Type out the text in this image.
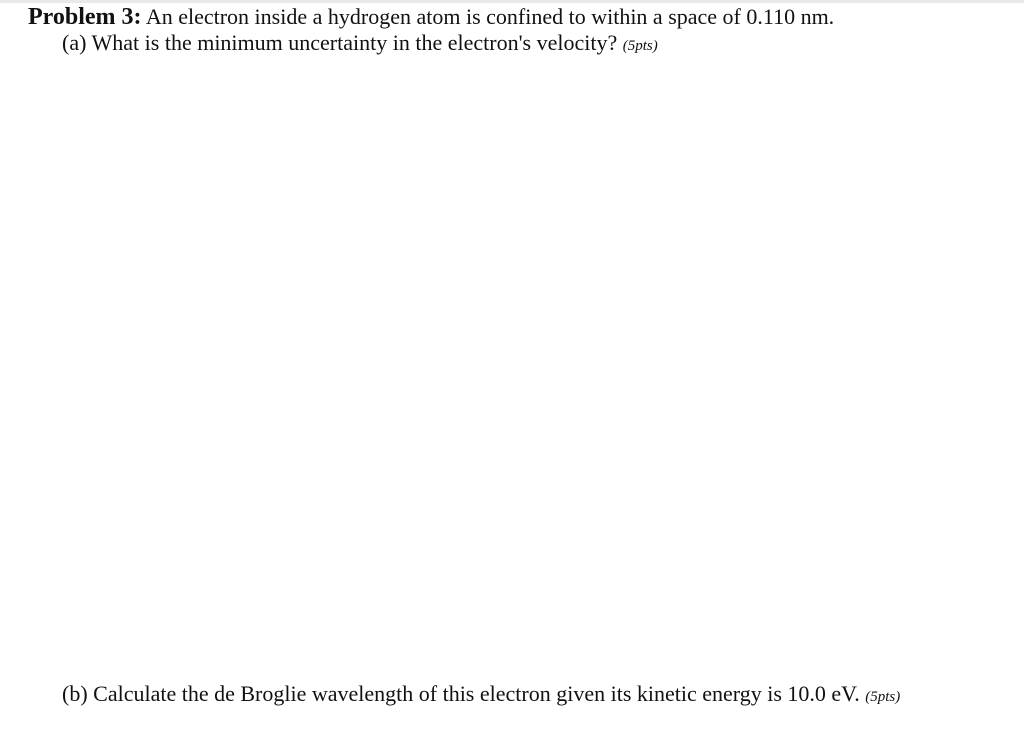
Problem 3: An electron inside a hydrogen atom is confined to within a space of 0.110 nm.
(a) What is the minimum uncertainty in the electron's velocity? (5pts)
(b) Calculate the de Broglie wavelength of this electron given its kinetic energy is 10.0 eV. (5pts)
